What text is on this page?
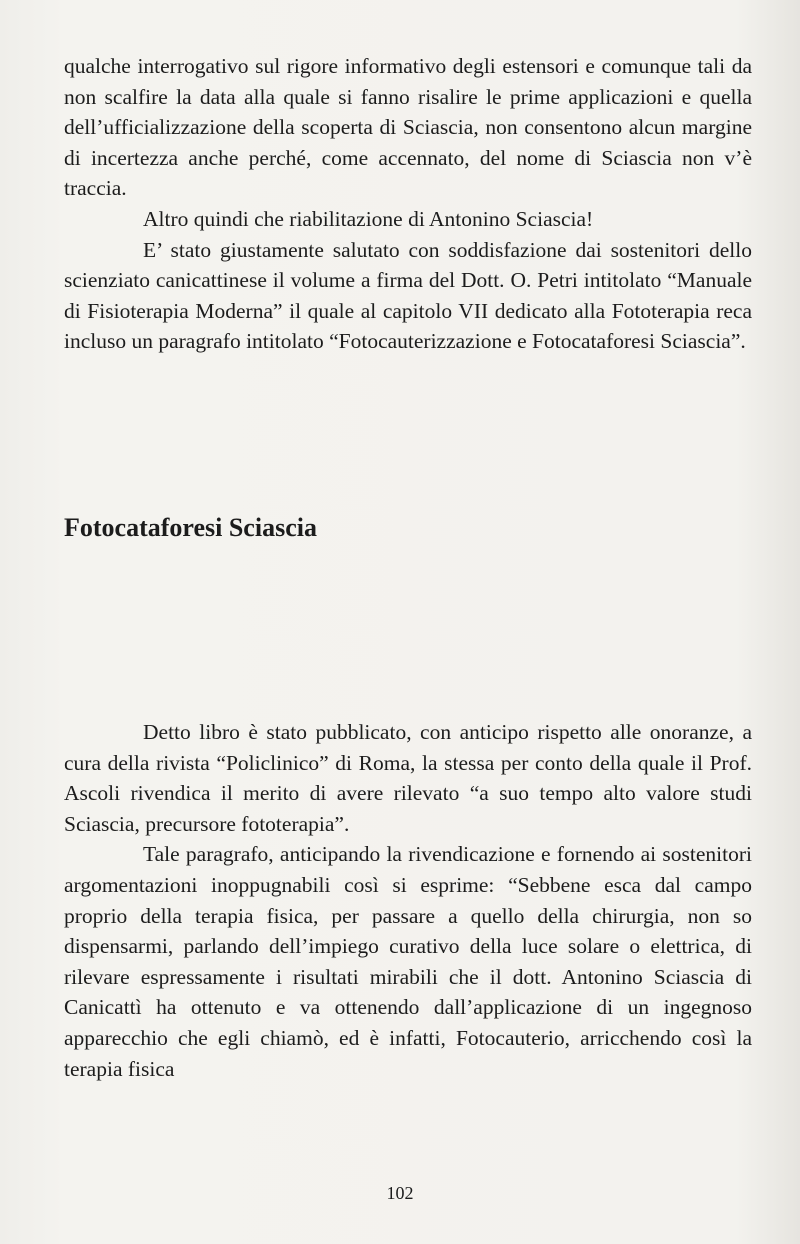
qualche interrogativo sul rigore informativo degli estensori e comunque tali da non scalfire la data alla quale si fanno risalire le prime applicazioni e quella dell’ufficializzazione della scoperta di Sciascia, non consentono alcun margine di incertezza anche perché, come accennato, del nome di Sciascia non v’è traccia.

Altro quindi che riabilitazione di Antonino Sciascia!

E’ stato giustamente salutato con soddisfazione dai sostenitori dello scienziato canicattinese il volume a firma del Dott. O. Petri intitolato “Manuale di Fisioterapia Moderna” il quale al capitolo VII dedicato alla Fototerapia reca incluso un paragrafo intitolato “Fotocauterizzazione e Fotocataforesi Sciascia”.

Fotocataforesi Sciascia

Detto libro è stato pubblicato, con anticipo rispetto alle onoranze, a cura della rivista “Policlinico” di Roma, la stessa per conto della quale il Prof. Ascoli rivendica il merito di avere rilevato “a suo tempo alto valore studi Sciascia, precursore fototerapia”.

Tale paragrafo, anticipando la rivendicazione e fornendo ai sostenitori argomentazioni inoppugnabili così si esprime: “Sebbene esca dal campo proprio della terapia fisica, per passare a quello della chirurgia, non so dispensarmi, parlando dell’impiego curativo della luce solare o elettrica, di rilevare espressamente i risultati mirabili che il dott. Antonino Sciascia di Canicattì ha ottenuto e va ottenendo dall’applicazione di un ingegnoso apparecchio che egli chiamò, ed è infatti, Fotocauterio, arricchendo così la terapia fisica

102
